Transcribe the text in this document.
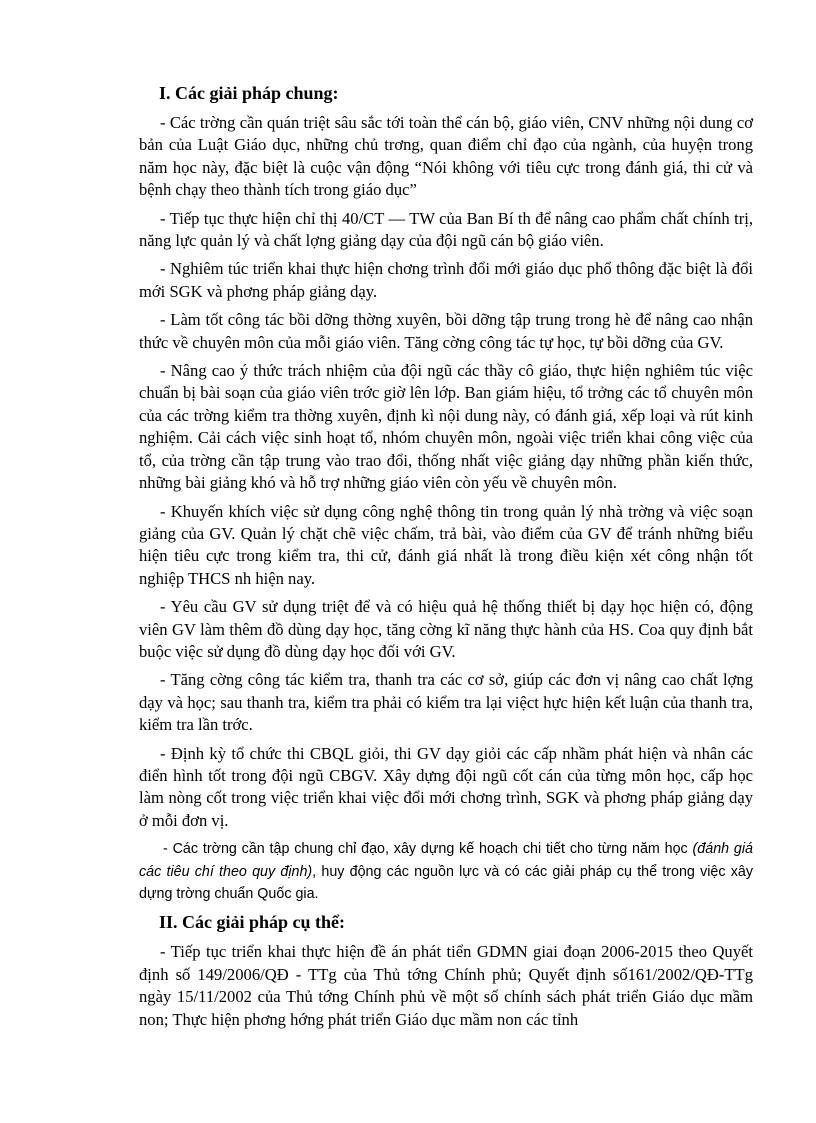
I. Các giải pháp chung:

- Các trờng cần quán triệt sâu sắc tới toàn thể cán bộ, giáo viên, CNV những nội dung cơ bản của Luật Giáo dục, những chủ trơng, quan điểm chỉ đạo của ngành, của huyện trong năm học này, đặc biệt là cuộc vận động “Nói không với tiêu cực trong đánh giá, thi cử và bệnh chạy theo thành tích trong giáo dục”

- Tiếp tục thực hiện chỉ thị 40/CT — TW của Ban Bí th để nâng cao phẩm chất chính trị, năng lực quản lý và chất lợng giảng dạy của đội ngũ cán bộ giáo viên.

- Nghiêm túc triển khai thực hiện chơng trình đổi mới giáo dục phổ thông đặc biệt là đổi mới SGK và phơng pháp giảng dạy.

- Làm tốt công tác bồi dỡng thờng xuyên, bồi dỡng tập trung trong hè để nâng cao nhận thức về chuyên môn của mỗi giáo viên. Tăng cờng công tác tự học, tự bồi dỡng của GV.

- Nâng cao ý thức trách nhiệm của đội ngũ các thầy cô giáo, thực hiện nghiêm túc việc chuẩn bị bài soạn của giáo viên trớc giờ lên lớp. Ban giám hiệu, tổ trởng các tổ chuyên môn của các trờng kiểm tra thờng xuyên, định kì nội dung này, có đánh giá, xếp loại và rút kinh nghiệm. Cải cách việc sinh hoạt tổ, nhóm chuyên môn, ngoài việc triển khai công việc của tổ, của trờng cần tập trung vào trao đổi, thống nhất việc giảng dạy những phần kiến thức, những bài giảng khó và hỗ trợ những giáo viên còn yếu về chuyên môn.

- Khuyến khích việc sử dụng công nghệ thông tin trong quản lý nhà trờng và việc soạn giảng của GV. Quản lý chặt chẽ việc chấm, trả bài, vào điểm của GV để tránh những biểu hiện tiêu cực trong kiểm tra, thi cử, đánh giá nhất là trong điều kiện xét công nhận tốt nghiệp THCS nh hiện nay.

- Yêu cầu GV sử dụng triệt để và có hiệu quả hệ thống thiết bị dạy học hiện có, động viên GV làm thêm đồ dùng dạy học, tăng cờng kĩ năng thực hành của HS. Coa quy định bắt buộc việc sử dụng đồ dùng dạy học đối với GV.

- Tăng cờng công tác kiểm tra, thanh tra các cơ sở, giúp các đơn vị nâng cao chất lợng dạy và học; sau thanh tra, kiểm tra phải có kiểm tra lại việct hực hiện kết luận của thanh tra, kiểm tra lần trớc.

- Định kỳ tổ chức thi CBQL giỏi, thi GV dạy giỏi các cấp nhầm phát hiện và nhân các điển hình tốt trong đội ngũ CBGV. Xây dựng đội ngũ cốt cán của từng môn học, cấp học làm nòng cốt trong việc triển khai việc đổi mới chơng trình, SGK và phơng pháp giảng dạy ở mỗi đơn vị.

- Các trờng cần tập chung chỉ đạo, xây dựng kế hoạch chi tiết cho từng năm học (đánh giá các tiêu chí theo quy định), huy động các nguồn lực và có các giải pháp cụ thể trong việc xây dựng trờng chuẩn Quốc gia.

II. Các giải pháp cụ thể:

- Tiếp tục triển khai thực hiện đề án phát tiển GDMN giai đoạn 2006-2015 theo Quyết định số 149/2006/QĐ - TTg của Thủ tớng Chính phủ; Quyết định số161/2002/QĐ-TTg ngày 15/11/2002 của Thủ tớng Chính phủ về một số chính sách phát triển Giáo dục mầm non; Thực hiện phơng hớng phát triển Giáo dục mầm non các tỉnh
